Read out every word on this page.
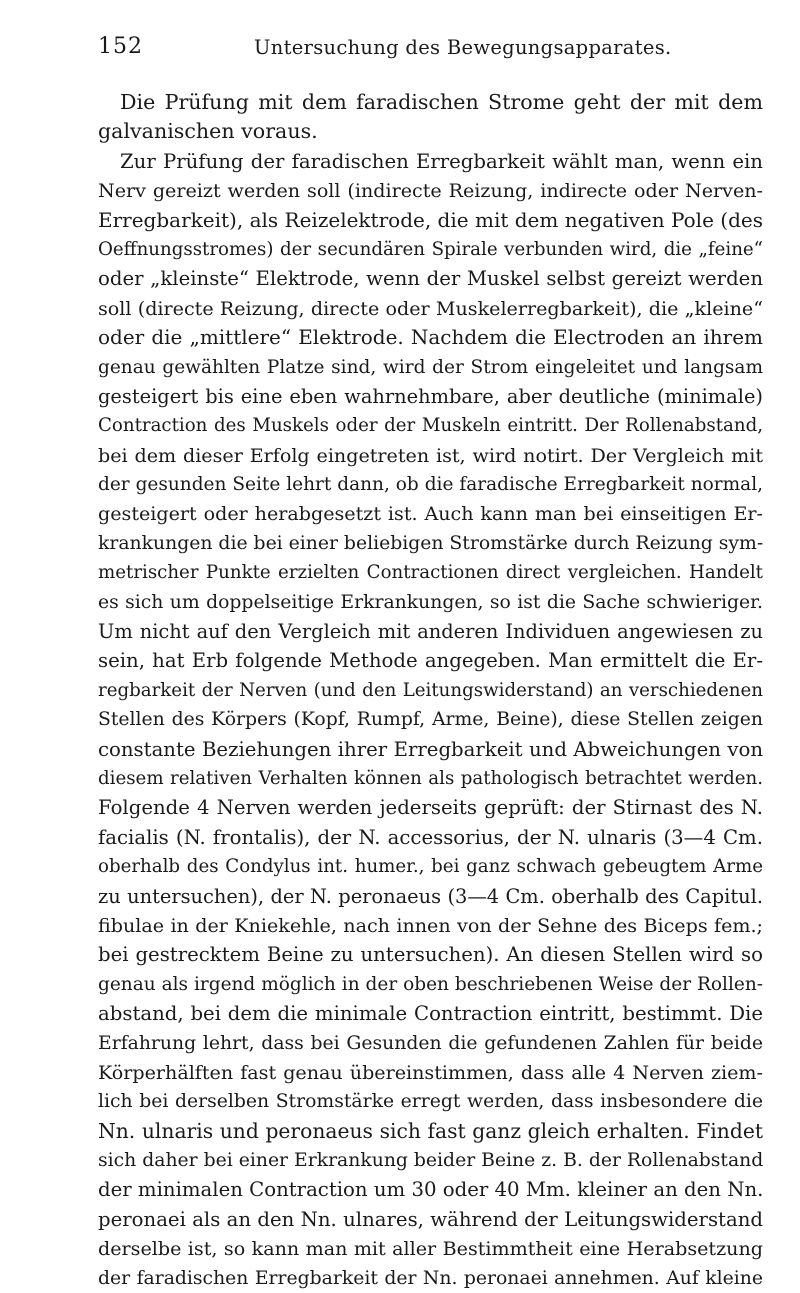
152	Untersuchung des Bewegungsapparates.
Die Prüfung mit dem faradischen Strome geht der mit dem
galvanischen voraus.
Zur Prüfung der faradischen Erregbarkeit wählt man, wenn ein
Nerv gereizt werden soll (indirecte Reizung, indirecte oder Nerven-
Erregbarkeit), als Reizelektrode, die mit dem negativen Pole (des
Oeffnungsstromes) der secundären Spirale verbunden wird, die „feine“
oder „kleinste“ Elektrode, wenn der Muskel selbst gereizt werden
soll (directe Reizung, directe oder Muskelerregbarkeit), die „kleine“
oder die „mittlere“ Elektrode. Nachdem die Electroden an ihrem
genau gewählten Platze sind, wird der Strom eingeleitet und langsam
gesteigert bis eine eben wahrnehmbare, aber deutliche (minimale)
Contraction des Muskels oder der Muskeln eintritt. Der Rollenabstand,
bei dem dieser Erfolg eingetreten ist, wird notirt. Der Vergleich mit
der gesunden Seite lehrt dann, ob die faradische Erregbarkeit normal,
gesteigert oder herabgesetzt ist. Auch kann man bei einseitigen Er-
krankungen die bei einer beliebigen Stromstärke durch Reizung sym-
metrischer Punkte erzielten Contractionen direct vergleichen. Handelt
es sich um doppelseitige Erkrankungen, so ist die Sache schwieriger.
Um nicht auf den Vergleich mit anderen Individuen angewiesen zu
sein, hat Erb folgende Methode angegeben. Man ermittelt die Er-
regbarkeit der Nerven (und den Leitungswiderstand) an verschiedenen
Stellen des Körpers (Kopf, Rumpf, Arme, Beine), diese Stellen zeigen
constante Beziehungen ihrer Erregbarkeit und Abweichungen von
diesem relativen Verhalten können als pathologisch betrachtet werden.
Folgende 4 Nerven werden jederseits geprüft: der Stirnast des N.
facialis (N. frontalis), der N. accessorius, der N. ulnaris (3—4 Cm.
oberhalb des Condylus int. humer., bei ganz schwach gebeugtem Arme
zu untersuchen), der N. peronaeus (3—4 Cm. oberhalb des Capitul.
fibulae in der Kniekehle, nach innen von der Sehne des Biceps fem.;
bei gestrecktem Beine zu untersuchen). An diesen Stellen wird so
genau als irgend möglich in der oben beschriebenen Weise der Rollen-
abstand, bei dem die minimale Contraction eintritt, bestimmt. Die
Erfahrung lehrt, dass bei Gesunden die gefundenen Zahlen für beide
Körperhälften fast genau übereinstimmen, dass alle 4 Nerven ziem-
lich bei derselben Stromstärke erregt werden, dass insbesondere die
Nn. ulnaris und peronaeus sich fast ganz gleich erhalten. Findet
sich daher bei einer Erkrankung beider Beine z. B. der Rollenabstand
der minimalen Contraction um 30 oder 40 Mm. kleiner an den Nn.
peronaei als an den Nn. ulnares, während der Leitungswiderstand
derselbe ist, so kann man mit aller Bestimmtheit eine Herabsetzung
der faradischen Erregbarkeit der Nn. peronaei annehmen. Auf kleine
